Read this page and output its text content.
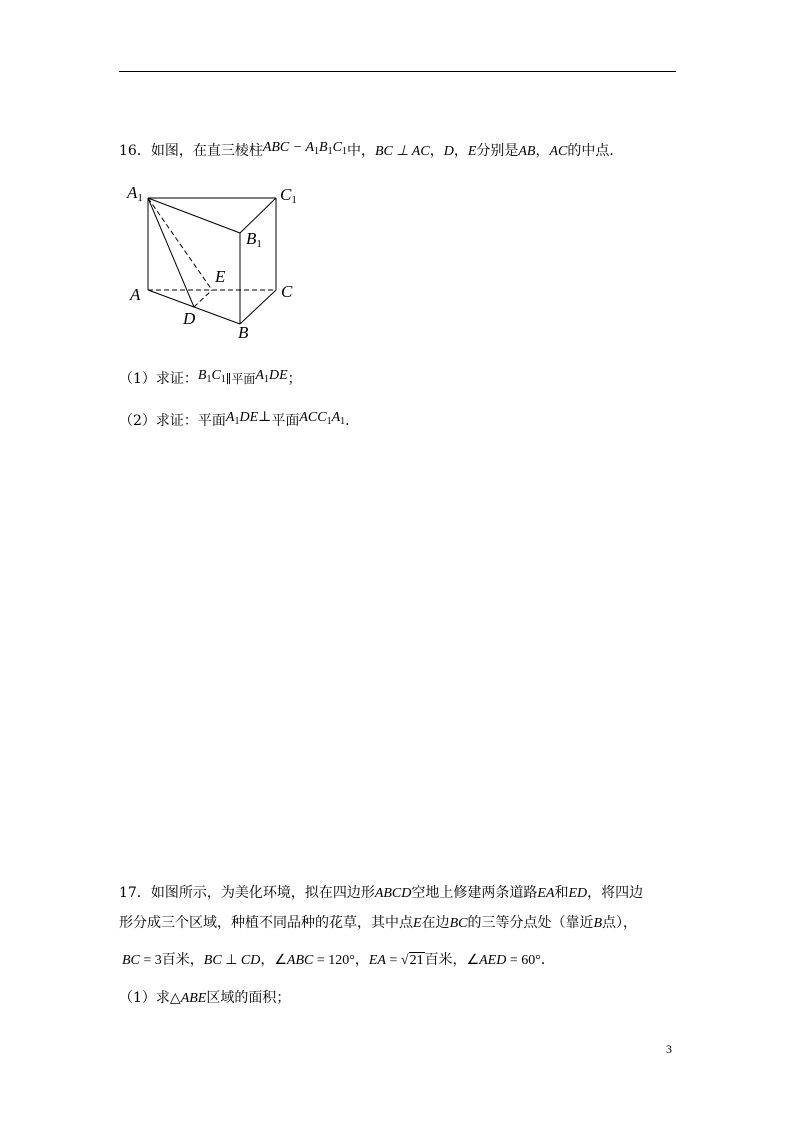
16．如图，在直三棱柱ABC − $A_1B_1C_1$中，BC ⊥ AC，D，E分别是AB，AC的中点．
A1	C1
B1
E
A	C
D
B
（1）求证：$B_1C_1\parallel$平面$A_1DE$；
（2）求证：平面$A_1DE\perp$平面$ACC_1A_1$．
17．如图所示，为美化环境，拟在四边形ABCD空地上修建两条道路EA和ED，将四边
形分成三个区域，种植不同品种的花草，其中点E在边BC的三等分点处（靠近B点），
BC = 3百米，BC ⊥ CD，∠ABC = 120°，EA = √21百米，∠AED = 60°．
（1）求△ABE区域的面积；
3
